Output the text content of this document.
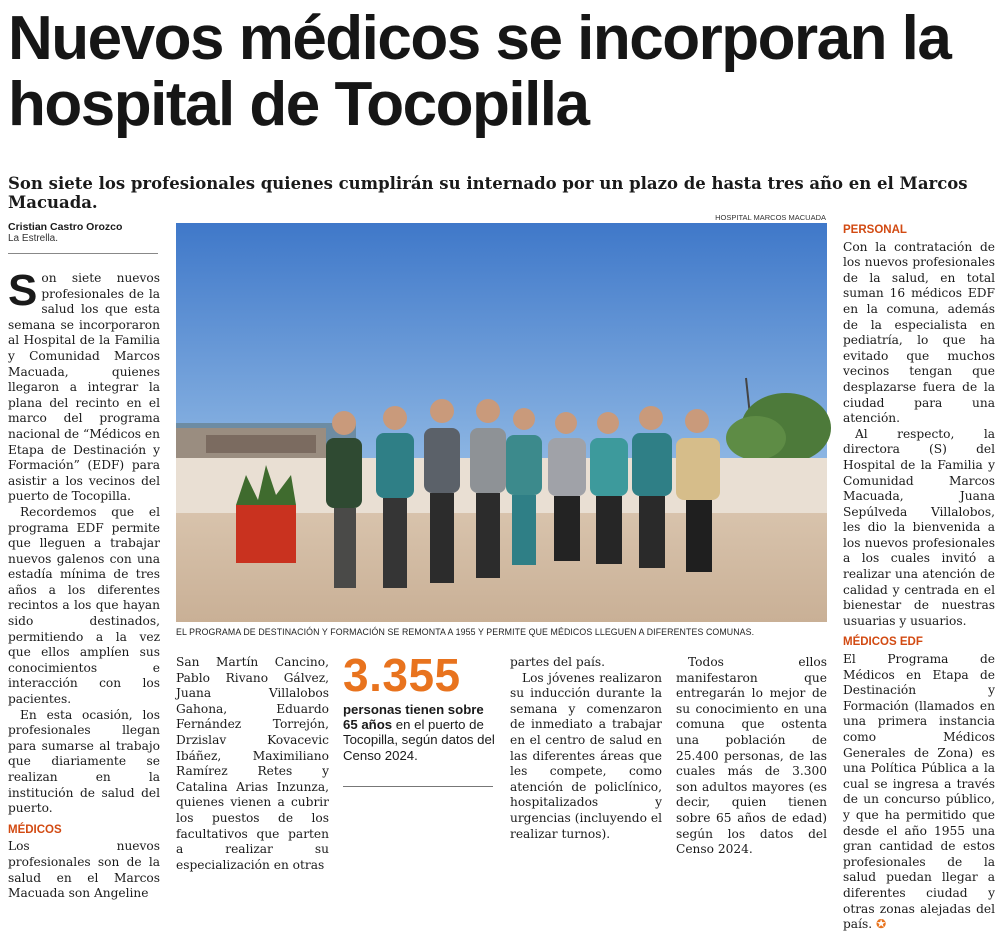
Nuevos médicos se incorporan la hospital de Tocopilla
Son siete los profesionales quienes cumplirán su internado por un plazo de hasta tres año en el Marcos Macuada.
Cristian Castro Orozco
La Estrella.

Son siete nuevos profesionales de la salud los que esta semana se incorporaron al Hospital de la Familia y Comunidad Marcos Macuada, quienes llegaron a integrar la plana del recinto en el marco del programa nacional de “Médicos en Etapa de Destinación y Formación” (EDF) para asistir a los vecinos del puerto de Tocopilla.

Recordemos que el programa EDF permite que lleguen a trabajar nuevos galenos con una estadía mínima de tres años a los diferentes recintos a los que hayan sido destinados, permitiendo a la vez que ellos amplíen sus conocimientos e interacción con los pacientes.

En esta ocasión, los profesionales llegan para sumarse al trabajo que diariamente se realizan en la institución de salud del puerto.

MÉDICOS

Los nuevos profesionales son de la salud en el Marcos Macuada son Angeline

HOSPITAL MARCOS MACUADA
EL PROGRAMA DE DESTINACIÓN Y FORMACIÓN SE REMONTA A 1955 Y PERMITE QUE MÉDICOS LLEGUEN A DIFERENTES COMUNAS.

San Martín Cancino, Pablo Rivano Gálvez, Juana Villalobos Gahona, Eduardo Fernández Torrejón, Drzislav Kovacevic Ibáñez, Maximiliano Ramírez Retes y Catalina Arias Inzunza, quienes vienen a cubrir los puestos de los facultativos que parten a realizar su especialización en otras

3.355
personas tienen sobre 65 años en el puerto de Tocopilla, según datos del Censo 2024.

partes del país.

Los jóvenes realizaron su inducción durante la semana y comenzaron de inmediato a trabajar en el centro de salud en las diferentes áreas que les compete, como atención de policlínico, hospitalizados y urgencias (incluyendo el realizar turnos).

Todos ellos manifestaron que entregarán lo mejor de su conocimiento en una comuna que ostenta una población de 25.400 personas, de las cuales más de 3.300 son adultos mayores (es decir, quien tienen sobre 65 años de edad) según los datos del Censo 2024.

PERSONAL

Con la contratación de los nuevos profesionales de la salud, en total suman 16 médicos EDF en la comuna, además de la especialista en pediatría, lo que ha evitado que muchos vecinos tengan que desplazarse fuera de la ciudad para una atención.

Al respecto, la directora (S) del Hospital de la Familia y Comunidad Marcos Macuada, Juana Sepúlveda Villalobos, les dio la bienvenida a los nuevos profesionales a los cuales invitó a realizar una atención de calidad y centrada en el bienestar de nuestras usuarias y usuarios.

MÉDICOS EDF

El Programa de Médicos en Etapa de Destinación y Formación (llamados en una primera instancia como Médicos Generales de Zona) es una Política Pública a la cual se ingresa a través de un concurso público, y que ha permitido que desde el año 1955 una gran cantidad de estos profesionales de la salud puedan llegar a diferentes ciudad y otras zonas alejadas del país. ✪
